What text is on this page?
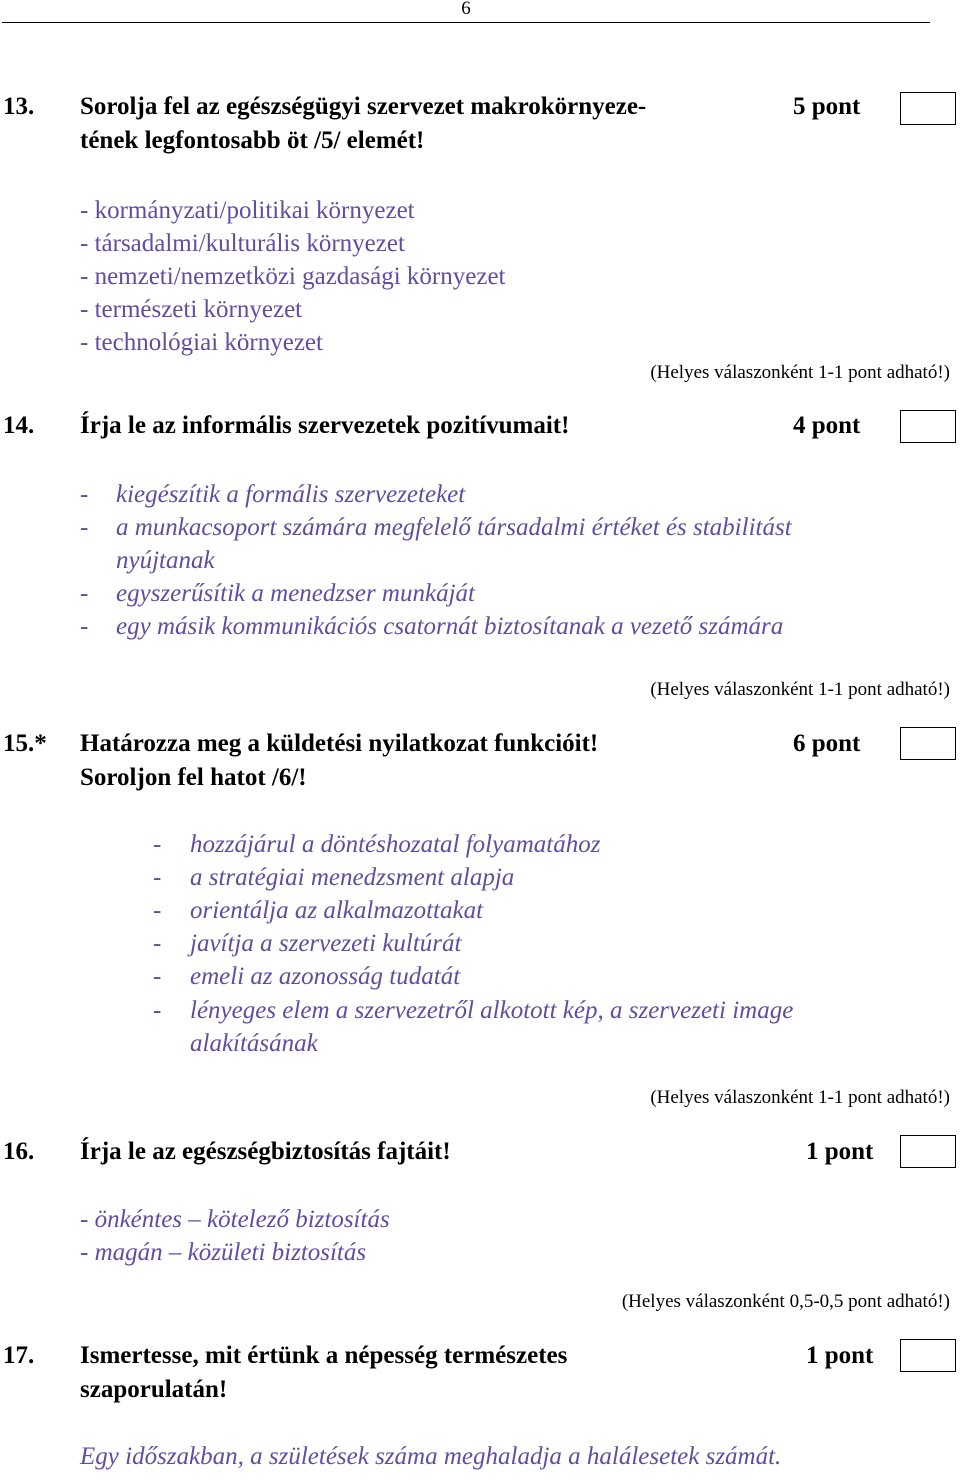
6
13. Sorolja fel az egészségügyi szervezet makrokörnyeze-
tének legfontosabb öt /5/ elemét!
5 pont
- kormányzati/politikai környezet
- társadalmi/kulturális környezet
- nemzeti/nemzetközi gazdasági környezet
- természeti környezet
- technológiai környezet
(Helyes válaszonként 1-1 pont adható!)
14. Írja le az informális szervezetek pozitívumait!	4 pont
- kiegészítik a formális szervezeteket
- a munkacsoport számára megfelelő társadalmi értéket és stabilitást
nyújtanak
- egyszerűsítik a menedzser munkáját
- egy másik kommunikációs csatornát biztosítanak a vezető számára
(Helyes válaszonként 1-1 pont adható!)
15.* Határozza meg a küldetési nyilatkozat funkcióit!
Soroljon fel hatot /6/!
6 pont
- hozzájárul a döntéshozatal folyamatához
- a stratégiai menedzsment alapja
- orientálja az alkalmazottakat
- javítja a szervezeti kultúrát
- emeli az azonosság tudatát
- lényeges elem a szervezetről alkotott kép, a szervezeti image
alakításának
(Helyes válaszonként 1-1 pont adható!)
16. Írja le az egészségbiztosítás fajtáit!	1 pont
- önkéntes – kötelező biztosítás
- magán – közületi biztosítás
(Helyes válaszonként 0,5-0,5 pont adható!)
17. Ismertesse, mit értünk a népesség természetes
szaporulatán!
1 pont
Egy időszakban, a születések száma meghaladja a halálesetek számát.
